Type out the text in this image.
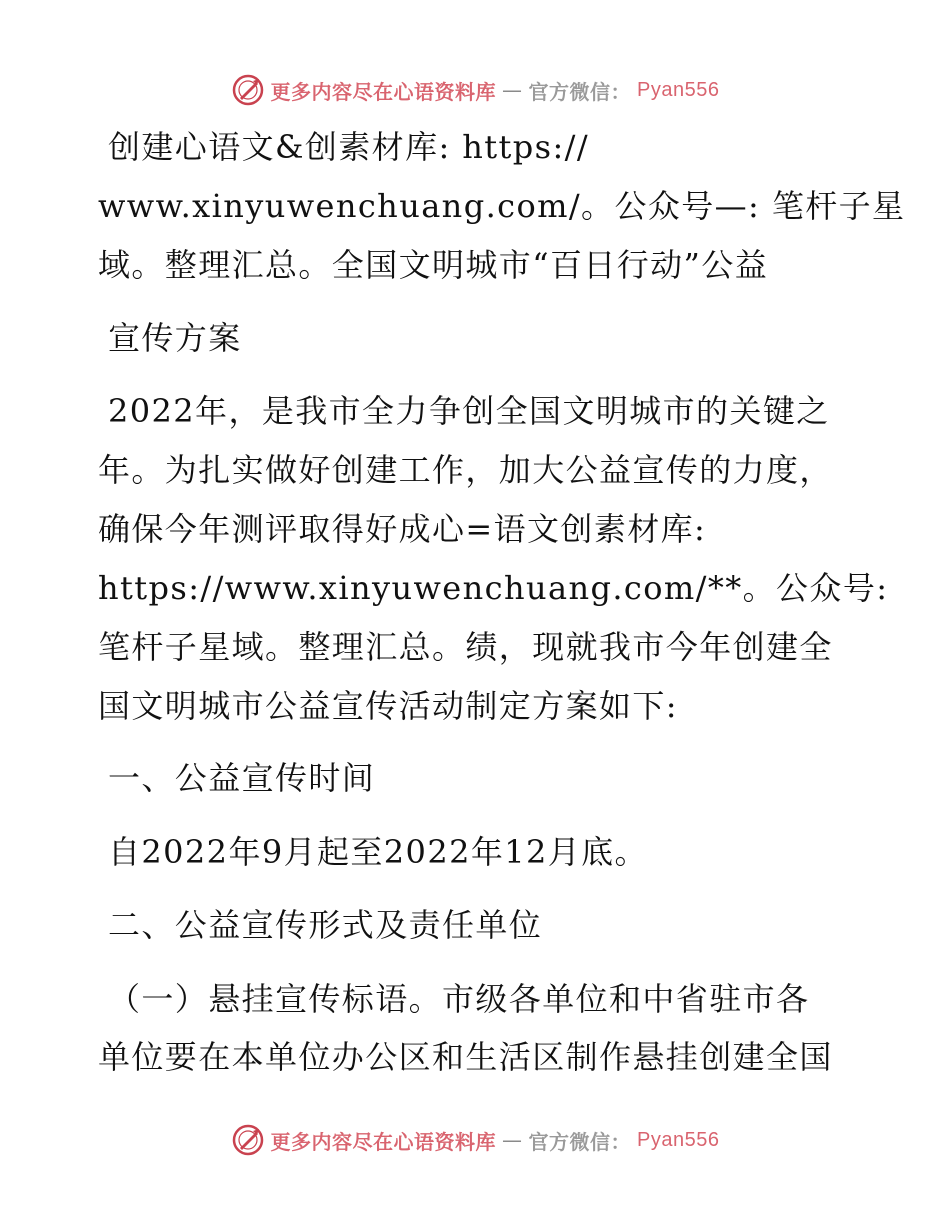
更多内容尽在心语资料库 — 官方微信： Pyan556
创建心语文&创素材库: https://
www.xinyuwenchuang.com/。公众号—: 笔杆子星
域。整理汇总。全国文明城市“百日行动”公益
宣传方案
2022年，是我市全力争创全国文明城市的关键之
年。为扎实做好创建工作，加大公益宣传的力度，
确保今年测评取得好成心=语文创素材库:
https://www.xinyuwenchuang.com/**。公众号:
笔杆子星域。整理汇总。绩，现就我市今年创建全
国文明城市公益宣传活动制定方案如下:
一、公益宣传时间
自2022年9月起至2022年12月底。
二、公益宣传形式及责任单位
（一）悬挂宣传标语。市级各单位和中省驻市各
单位要在本单位办公区和生活区制作悬挂创建全国
更多内容尽在心语资料库 — 官方微信： Pyan556
